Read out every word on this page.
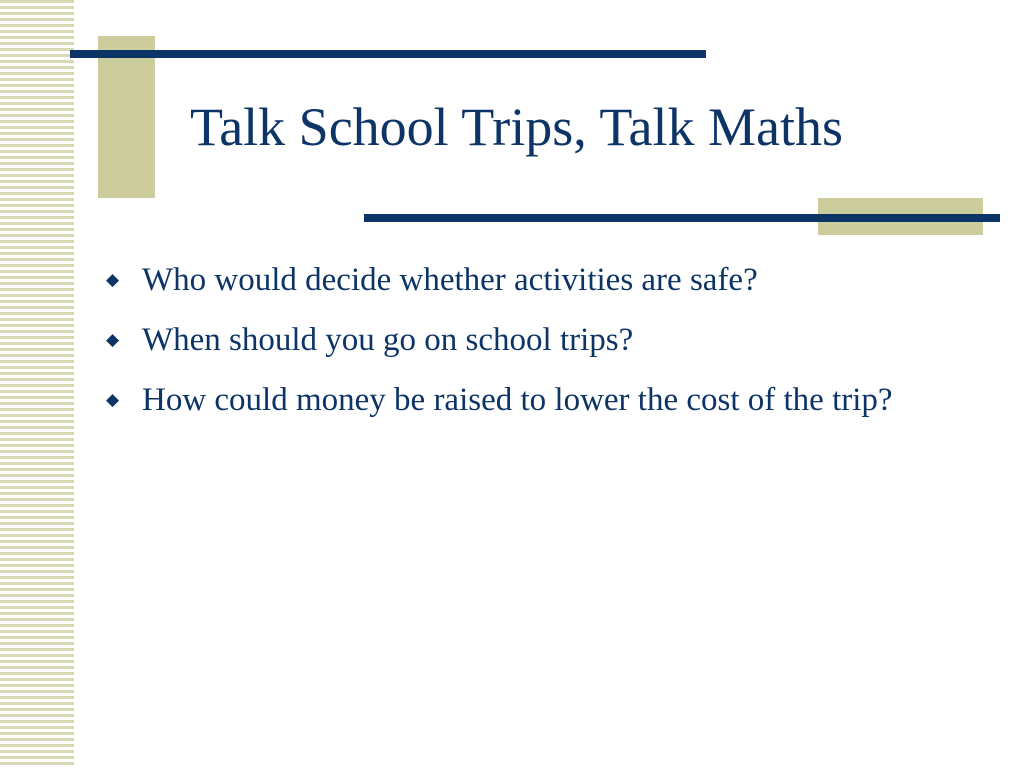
Talk School Trips, Talk Maths
◆ Who would decide whether activities are safe?
◆ When should you go on school trips?
◆ How could money be raised to lower the cost of the trip?
